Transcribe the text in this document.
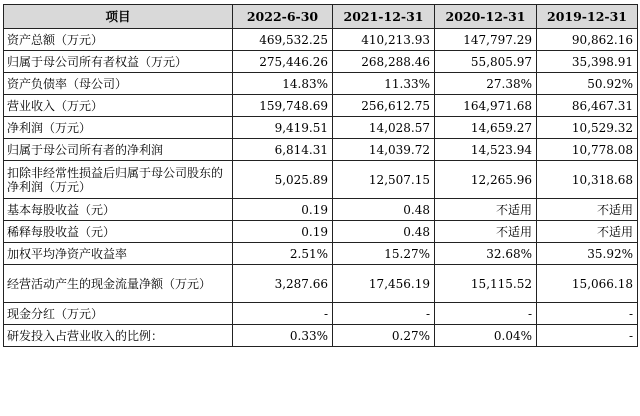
项目	2022-6-30	2021-12-31	2020-12-31	2019-12-31
资产总额（万元）	469,532.25	410,213.93	147,797.29	90,862.16
归属于母公司所有者权益（万元）	275,446.26	268,288.46	55,805.97	35,398.91
资产负债率（母公司）	14.83%	11.33%	27.38%	50.92%
营业收入（万元）	159,748.69	256,612.75	164,971.68	86,467.31
净利润（万元）	9,419.51	14,028.57	14,659.27	10,529.32
归属于母公司所有者的净利润	6,814.31	14,039.72	14,523.94	10,778.08
扣除非经常性损益后归属于母公司股东的净利润（万元）	5,025.89	12,507.15	12,265.96	10,318.68
基本每股收益（元）	0.19	0.48	不适用	不适用
稀释每股收益（元）	0.19	0.48	不适用	不适用
加权平均净资产收益率	2.51%	15.27%	32.68%	35.92%
经营活动产生的现金流量净额（万元）	3,287.66	17,456.19	15,115.52	15,066.18
现金分红（万元）	-	-	-	-
研发投入占营业收入的比例：	0.33%	0.27%	0.04%	-
